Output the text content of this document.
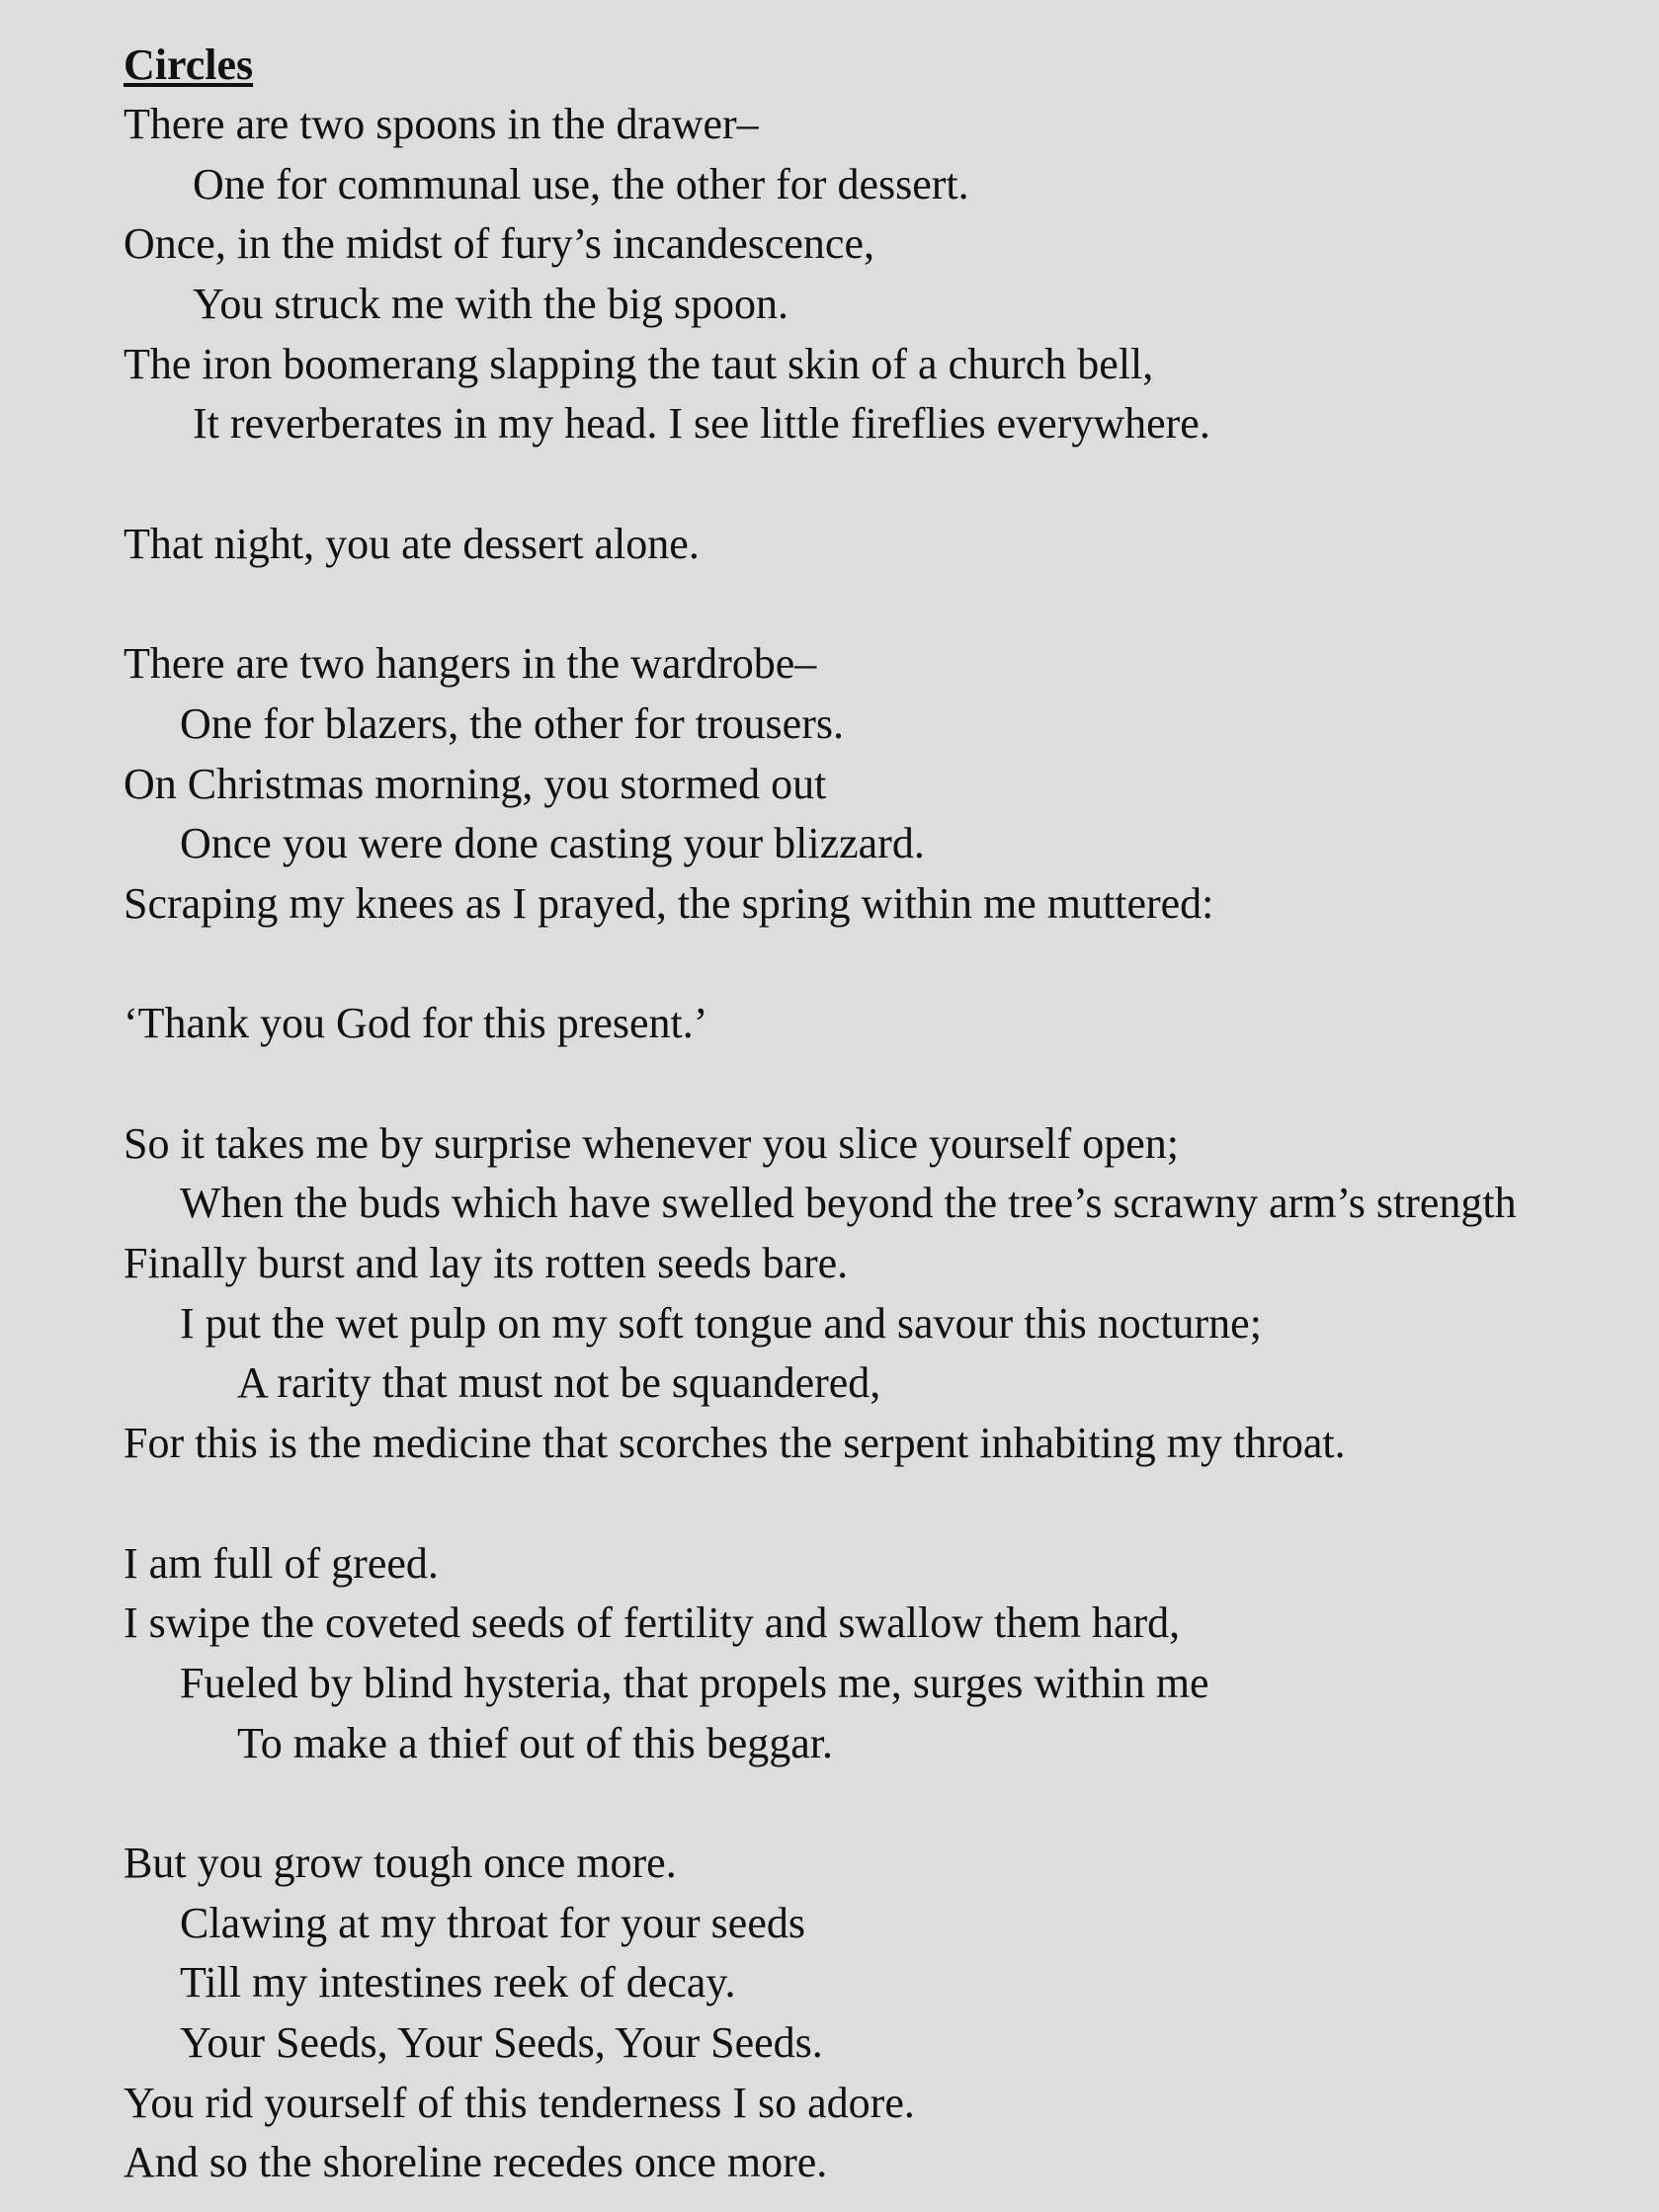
Circles
There are two spoons in the drawer–
One for communal use, the other for dessert.
Once, in the midst of fury’s incandescence,
You struck me with the big spoon.
The iron boomerang slapping the taut skin of a church bell,
It reverberates in my head. I see little fireflies everywhere.
That night, you ate dessert alone.
There are two hangers in the wardrobe–
One for blazers, the other for trousers.
On Christmas morning, you stormed out
Once you were done casting your blizzard.
Scraping my knees as I prayed, the spring within me muttered:
‘Thank you God for this present.’
So it takes me by surprise whenever you slice yourself open;
When the buds which have swelled beyond the tree’s scrawny arm’s strength
Finally burst and lay its rotten seeds bare.
I put the wet pulp on my soft tongue and savour this nocturne;
A rarity that must not be squandered,
For this is the medicine that scorches the serpent inhabiting my throat.
I am full of greed.
I swipe the coveted seeds of fertility and swallow them hard,
Fueled by blind hysteria, that propels me, surges within me
To make a thief out of this beggar.
But you grow tough once more.
Clawing at my throat for your seeds
Till my intestines reek of decay.
Your Seeds, Your Seeds, Your Seeds.
You rid yourself of this tenderness I so adore.
And so the shoreline recedes once more.
